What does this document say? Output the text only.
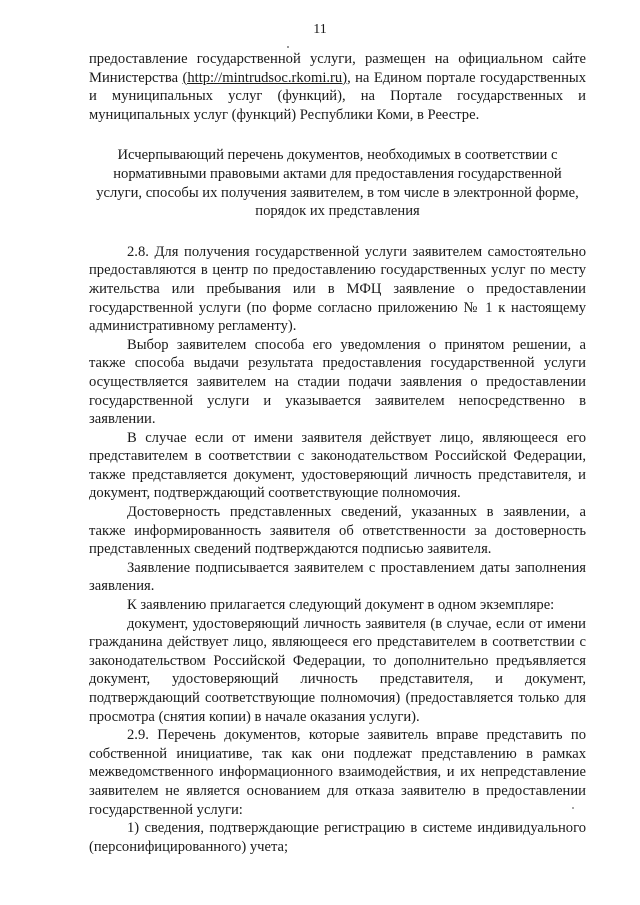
11

предоставление государственной услуги, размещен на официальном сайте Министерства (http://mintrudsoc.rkomi.ru), на Едином портале государственных и муниципальных услуг (функций), на Портале государственных и муниципальных услуг (функций) Республики Коми, в Реестре.

Исчерпывающий перечень документов, необходимых в соответствии с нормативными правовыми актами для предоставления государственной услуги, способы их получения заявителем, в том числе в электронной форме, порядок их представления

2.8. Для получения государственной услуги заявителем самостоятельно предоставляются в центр по предоставлению государственных услуг по месту жительства или пребывания или в МФЦ заявление о предоставлении государственной услуги (по форме согласно приложению № 1 к настоящему административному регламенту).

Выбор заявителем способа его уведомления о принятом решении, а также способа выдачи результата предоставления государственной услуги осуществляется заявителем на стадии подачи заявления о предоставлении государственной услуги и указывается заявителем непосредственно в заявлении.

В случае если от имени заявителя действует лицо, являющееся его представителем в соответствии с законодательством Российской Федерации, также представляется документ, удостоверяющий личность представителя, и документ, подтверждающий соответствующие полномочия.

Достоверность представленных сведений, указанных в заявлении, а также информированность заявителя об ответственности за достоверность представленных сведений подтверждаются подписью заявителя.

Заявление подписывается заявителем с проставлением даты заполнения заявления.

К заявлению прилагается следующий документ в одном экземпляре:

документ, удостоверяющий личность заявителя (в случае, если от имени гражданина действует лицо, являющееся его представителем в соответствии с законодательством Российской Федерации, то дополнительно предъявляется документ, удостоверяющий личность представителя, и документ, подтверждающий соответствующие полномочия) (предоставляется только для просмотра (снятия копии) в начале оказания услуги).

2.9. Перечень документов, которые заявитель вправе представить по собственной инициативе, так как они подлежат представлению в рамках межведомственного информационного взаимодействия, и их непредставление заявителем не является основанием для отказа заявителю в предоставлении государственной услуги:

1) сведения, подтверждающие регистрацию в системе индивидуального (персонифицированного) учета;
